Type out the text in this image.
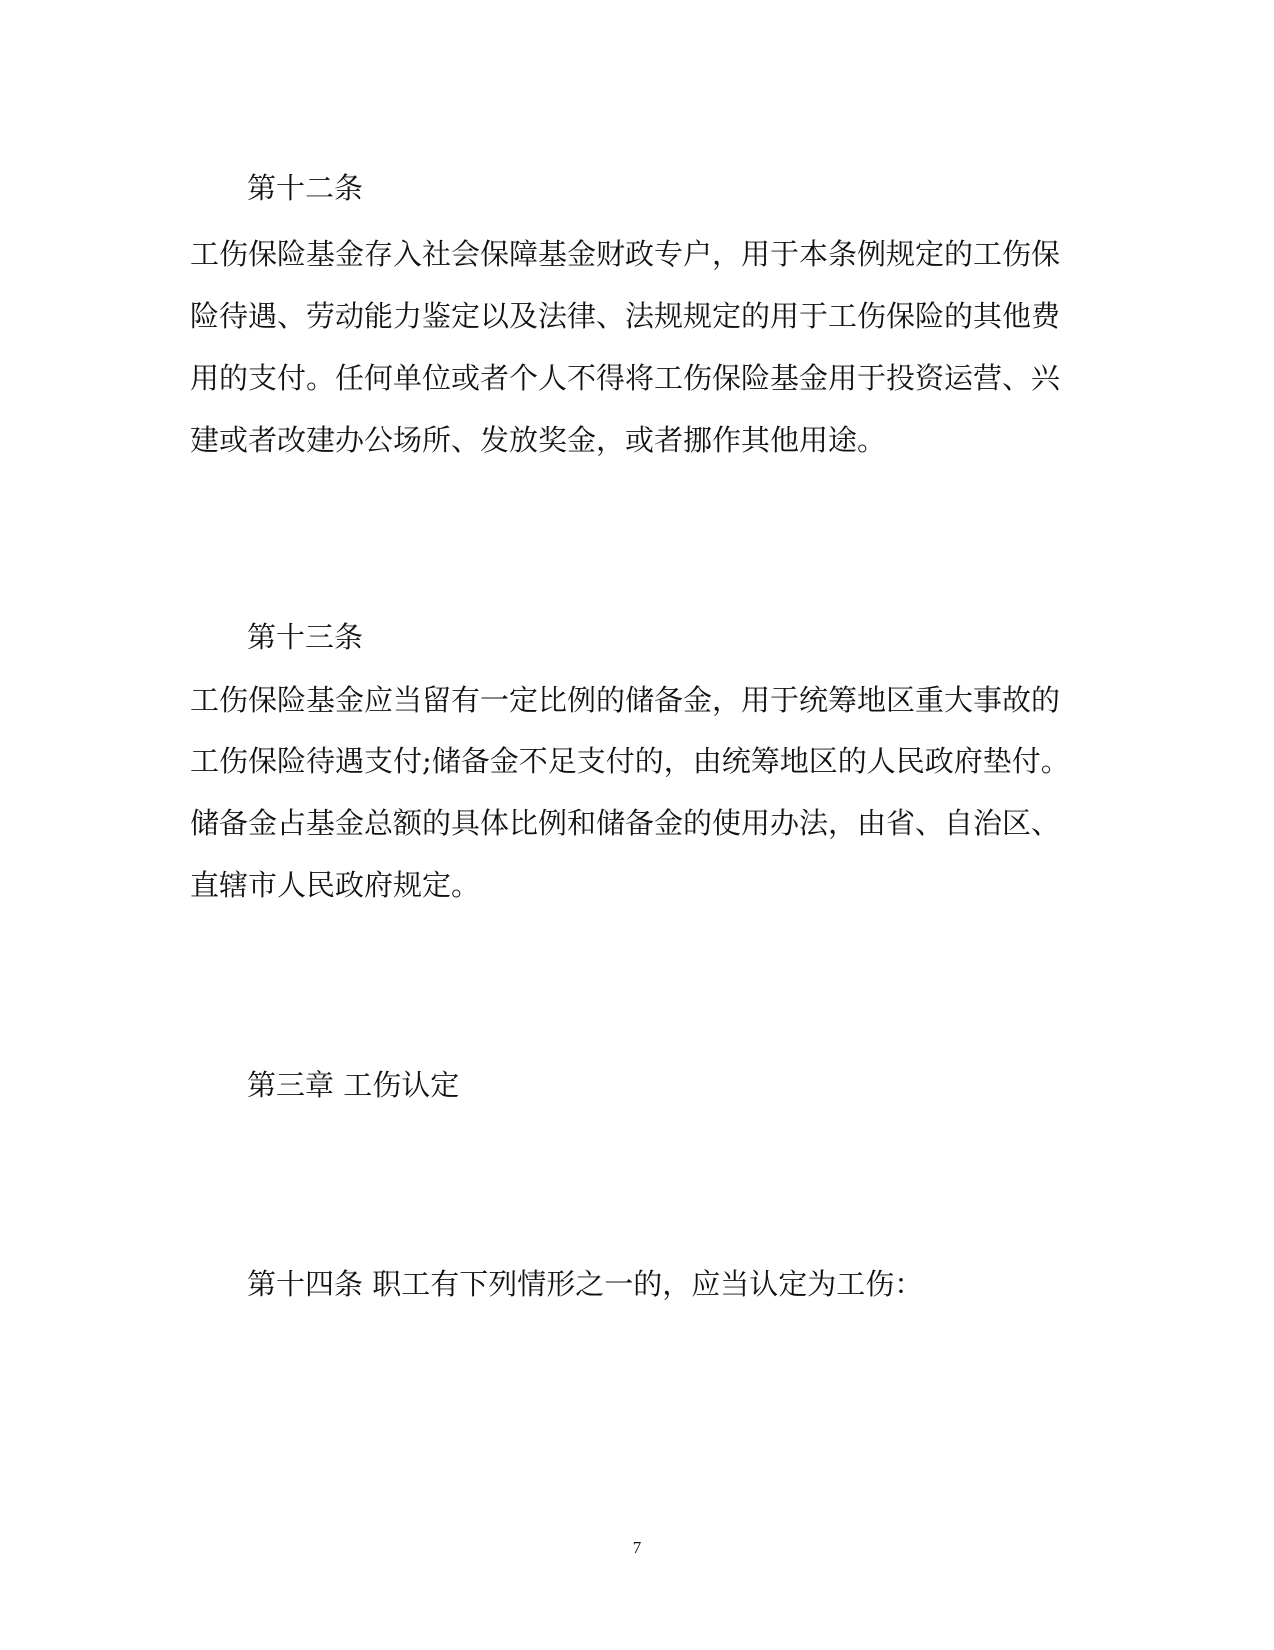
第十二条
工伤保险基金存入社会保障基金财政专户，用于本条例规定的工伤保
险待遇、劳动能力鉴定以及法律、法规规定的用于工伤保险的其他费
用的支付。任何单位或者个人不得将工伤保险基金用于投资运营、兴
建或者改建办公场所、发放奖金，或者挪作其他用途。
第十三条
工伤保险基金应当留有一定比例的储备金，用于统筹地区重大事故的
工伤保险待遇支付;储备金不足支付的，由统筹地区的人民政府垫付。
储备金占基金总额的具体比例和储备金的使用办法，由省、自治区、
直辖市人民政府规定。
第三章 工伤认定
第十四条 职工有下列情形之一的，应当认定为工伤：
7
